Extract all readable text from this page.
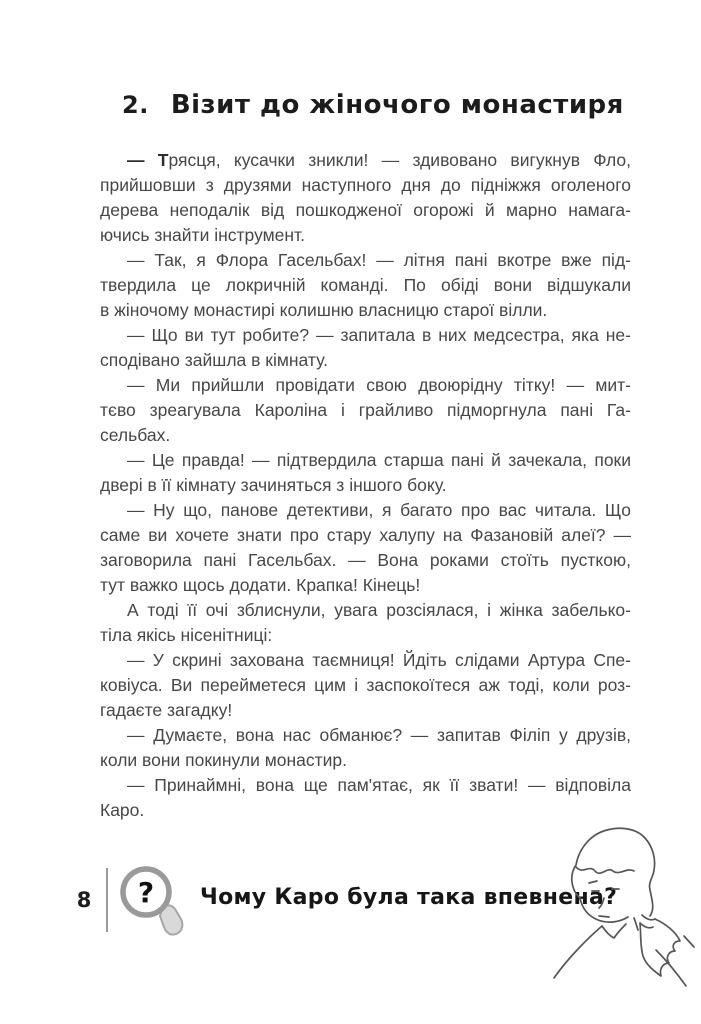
2. Візит до жіночого монастиря
— Трясця, кусачки зникли! — здивовано вигукнув Фло,
прийшовши з друзями наступного дня до підніжжя оголеного
дерева неподалік від пошкодженої огорожі й марно намага-
ючись знайти інструмент.
— Так, я Флора Гасельбах! — літня пані вкотре вже під-
твердила це локричній команді. По обіді вони відшукали
в жіночому монастирі колишню власницю старої вілли.
— Що ви тут робите? — запитала в них медсестра, яка не-
сподівано зайшла в кімнату.
— Ми прийшли провідати свою двоюрідну тітку! — мит-
тєво зреагувала Кароліна і грайливо підморгнула пані Га-
сельбах.
— Це правда! — підтвердила старша пані й зачекала, поки
двері в її кімнату зачиняться з іншого боку.
— Ну що, панове детективи, я багато про вас читала. Що
саме ви хочете знати про стару халупу на Фазановій алеї? —
заговорила пані Гасельбах. — Вона роками стоїть пусткою,
тут важко щось додати. Крапка! Кінець!
А тоді її очі зблиснули, увага розсіялася, і жінка забелько-
тіла якісь нісенітниці:
— У скрині захована таємниця! Йдіть слідами Артура Спе-
ковіуса. Ви перейметеся цим і заспокоїтеся аж тоді, коли роз-
гадаєте загадку!
— Думаєте, вона нас обманює? — запитав Філіп у друзів,
коли вони покинули монастир.
— Принаймні, вона ще пам'ятає, як її звати! — відповіла
Каро.
8 ? Чому Каро була така впевнена?
